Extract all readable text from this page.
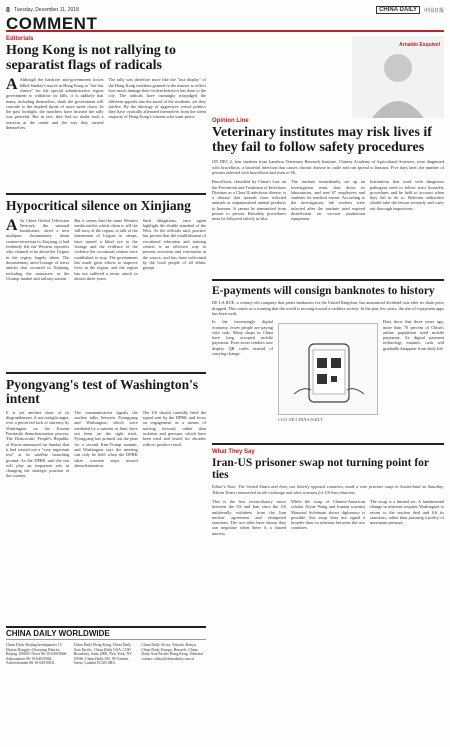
8 Tuesday, December 11, 2018	CHINA DAILY	中国日报
COMMENT
Editorials
Hong Kong is not rallying to separatist flags of radicals
A Although the hardcore anti-government forces billed Sunday's march in Hong Kong as "the last chance" for the special administrative region government to withdraw its bills, it is unlikely that many, including themselves, think the government will concede to the implied threat of more street chaos. In the past fortnight, the marchers have insisted the rally was peaceful. But in fact, they had no doubt such a reaction at the outset and the way they carried themselves.

The rally was therefore more like the "last display" of the Hong Kong residents granted to the masses to reflect how much damage their violent behavior has done to the city. The radicals have cunningly misjudged the different appeals into the mood of the residents, yet they misfire. By the ideology of aggressive crowd politics they have cynically alienated themselves from the silent majority of Hong Kong's citizens who want peace.

Hypocritical silence on Xinjiang
A As China Global Television Network, the national broadcaster, aired a new multipart documentary about counter-terrorism in Xinjiang, it had evidently left the Western reporters who claimed to be about the Uygurs in the region largely silent. The documentary aired footage of terror attacks that occurred in Xinjiang, including the massacres at the Urumqi market and railway station.

But it seems that the same Western media outlets which claim to tell the full story of the region, or talk of the internment of Uygurs in camps, have turned a blind eye to the footage and the evidence of the violence the vocational centers were established to stop. The government has made great efforts to improve lives in the region, and the region has not suffered a terror attack in almost three years.

Such allegations, once again highlight the double standard of the West. As the officials said, practice has proven that the establishment of vocational education and training centers is an effective way to prevent terrorism and extremism at the source, and has been welcomed by the local people of all ethnic groups.

Pyongyang's test of Washington's intent

It is yet another show of its disgruntlement, if not outright anger, over a perceived lack of sincerity by Washington on the Korean Peninsula denuclearization process. The Democratic People's Republic of Korea announced on Sunday that it had carried out a "very important test" at its satellite launching ground. As the DPRK said the test will play an important role in changing the strategic position of the country.

The communication signals the nuclear talks between Pyongyang and Washington, which were mediated by a summit in June, have not been on the right track. Pyongyang has pointed out the plan for a second Kim-Trump summit, and Washington says the meeting can only be held when the DPRK takes concrete steps toward denuclearization.

The US should carefully heed the signal sent by the DPRK and focus on engagement as a means of moving forward, rather than isolation and pressure, which have been tried and tested for decades with no positive result.

CHINA DAILY WORLDWIDE

China Daily Beijing headquarters 15 Huixin Dongjie, Chaoyang District, Beijing 100029. News 86-10-64918366. Subscription 86-10-64918364. Advertisement 86-10-64918631.

China Daily Hong Kong. China Daily Asia Pacific. China Daily USA, 1500 Broadway, Suite 2800, New York, NY 10036. China Daily UK, 90 Cannon Street, London EC4N 6HA.

China Daily Africa, Nairobi, Kenya. China Daily Europe, Brussels. China Daily Asia Pacific Hong Kong. Editorial contact: editor@chinadaily.com.cn

Arnaldo Esquivel
Opinion Line
Veterinary institutes may risk lives if they fail to follow safety procedures

ON DEC 2, four students from Lanzhou Veterinary Research Institute, Chinese Academy of Agricultural Sciences, were diagnosed with brucellosis, a bacterial infection that causes chronic disease in cattle and can spread to humans. Five days later, the number of persons infected with brucellosis had risen to 96.

Brucellosis, classified by China's Law on the Prevention and Treatment of Infectious Diseases as a Class II infectious disease, is a disease that spreads from infected animals or unpasteurized animal products to humans. It cannot be transmitted from person to person. Biosafety procedures must be followed strictly in labs.

The institute immediately set up an investigation team, shut down its laboratories, and sent 67 employees and students for medical exams. According to the investigation, lab workers were infected after the institute used expired disinfectant on vaccine production equipment.

Institutions that work with dangerous pathogens need to follow strict biosafety procedures and be held to account when they fail to do so. Relevant authorities should take the lesson seriously and carry out thorough inspections.

E-payments will consign banknotes to history

DE LA RUE, a century-old company that prints banknotes for the United Kingdom, has announced dividend cuts after its share price dropped. This comes as a warning that the world is moving toward a cashless society. In the past few years, the rise of e-payment apps has been swift.

In the increasingly digital economy, fewer people are paying with cash. Many shops in China have long accepted mobile payments. Even street vendors now display QR codes instead of carrying change.

LUO JIE/CHINA DAILY

Data show that three years ago, more than 70 percent of China's online population used mobile payments. As digital payment technology matures, cash will gradually disappear from daily life.

What They Say
Iran-US prisoner swap not turning point for ties

Editor's Note: The United States and Iran, two bitterly opposed countries, made a rare prisoner swap in Switzerland on Saturday. Tehran Times commented on the exchange and what it means for US-Iran relations.

This is the first reconciliatory move between the US and Iran since the US unilaterally withdrew from the Iran nuclear agreement and reimposed sanctions. The two sides have shown they can negotiate when there is a shared interest.

While the swap of Chinese-American scholar Xiyue Wang and Iranian scientist Massoud Soleimani shows diplomacy is possible, this swap does not signal a broader thaw in relations between the two countries.

The swap is a limited act. A fundamental change in relations requires Washington to return to the nuclear deal and lift its sanctions, rather than pursuing a policy of maximum pressure.
